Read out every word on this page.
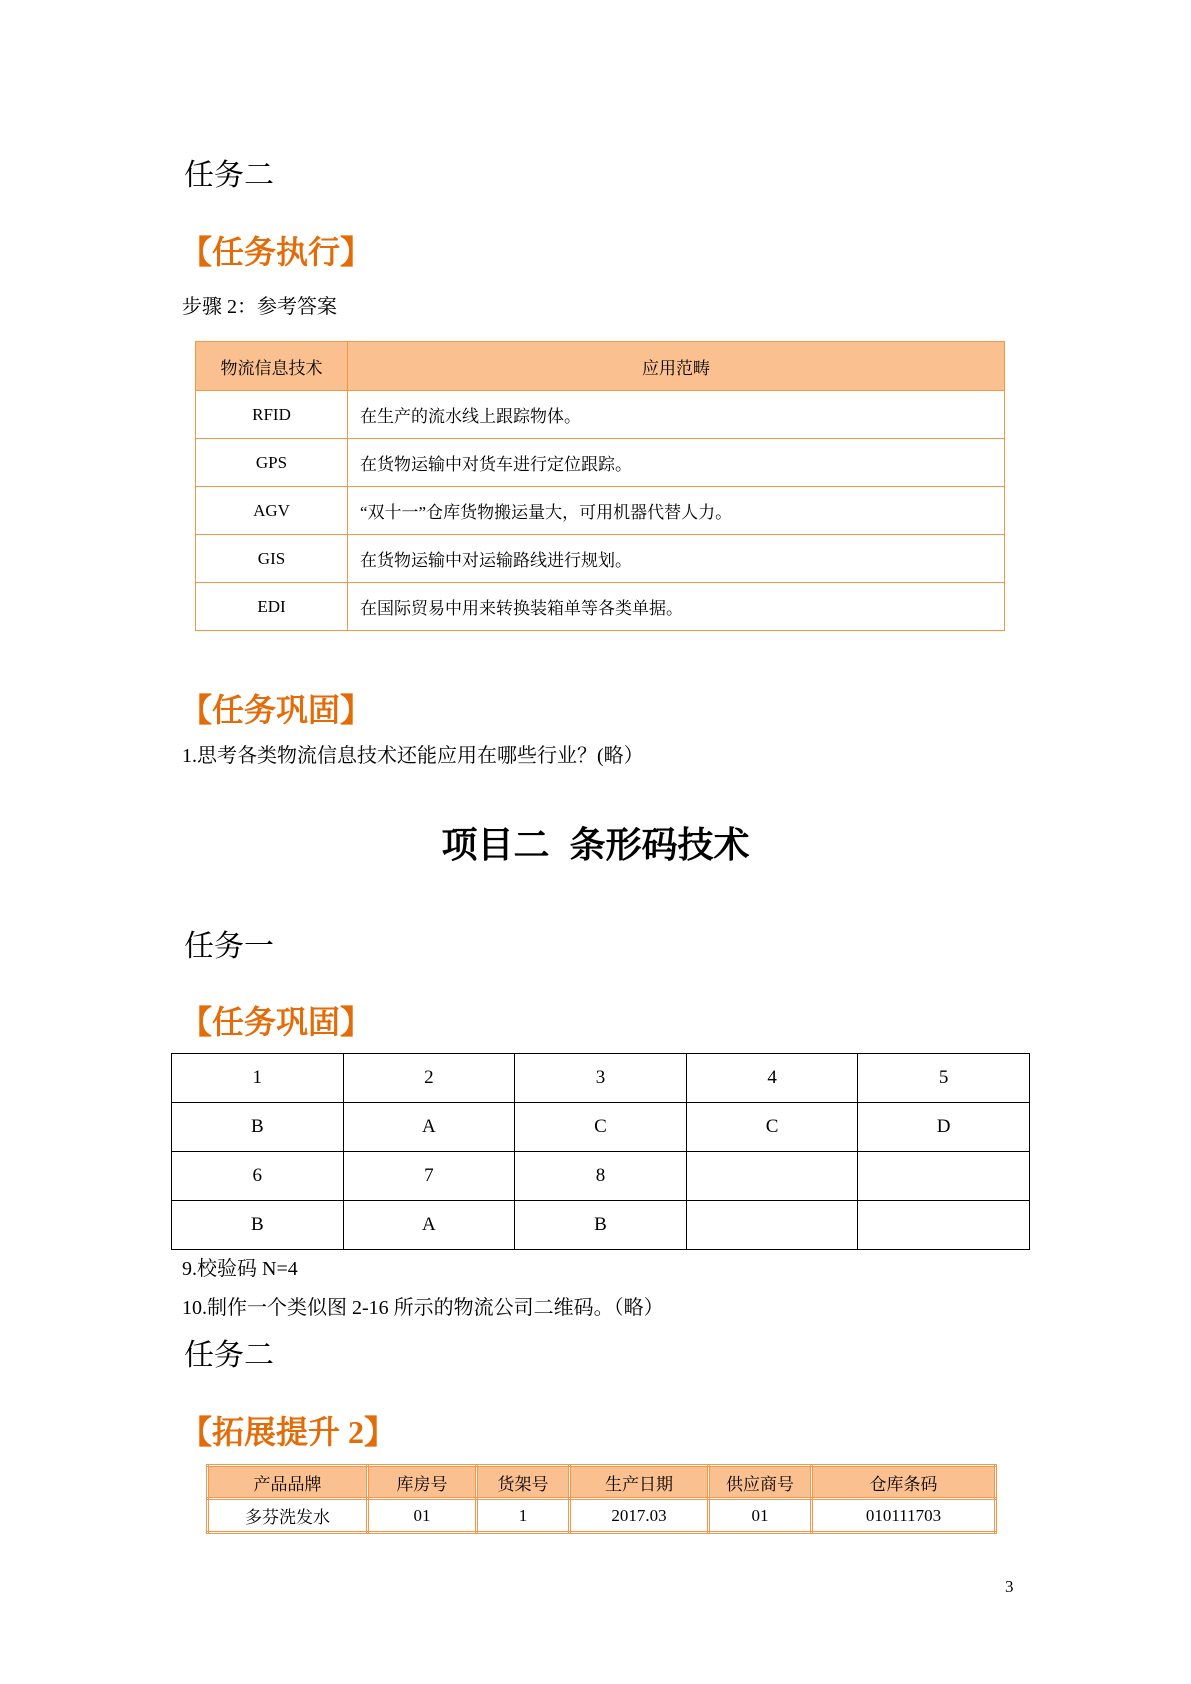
任务二
【任务执行】
步骤 2：参考答案
物流信息技术	应用范畴
RFID	在生产的流水线上跟踪物体。
GPS	在货物运输中对货车进行定位跟踪。
AGV	“双十一”仓库货物搬运量大，可用机器代替人力。
GIS	在货物运输中对运输路线进行规划。
EDI	在国际贸易中用来转换装箱单等各类单据。
【任务巩固】
1.思考各类物流信息技术还能应用在哪些行业？(略）
项目二  条形码技术
任务一
【任务巩固】
1	2	3	4	5
B	A	C	C	D
6	7	8		
B	A	B		
9.校验码 N=4
10.制作一个类似图 2-16 所示的物流公司二维码。（略）
任务二
【拓展提升 2】
产品品牌	库房号	货架号	生产日期	供应商号	仓库条码
多芬洗发水	01	1	2017.03	01	010111703
3
